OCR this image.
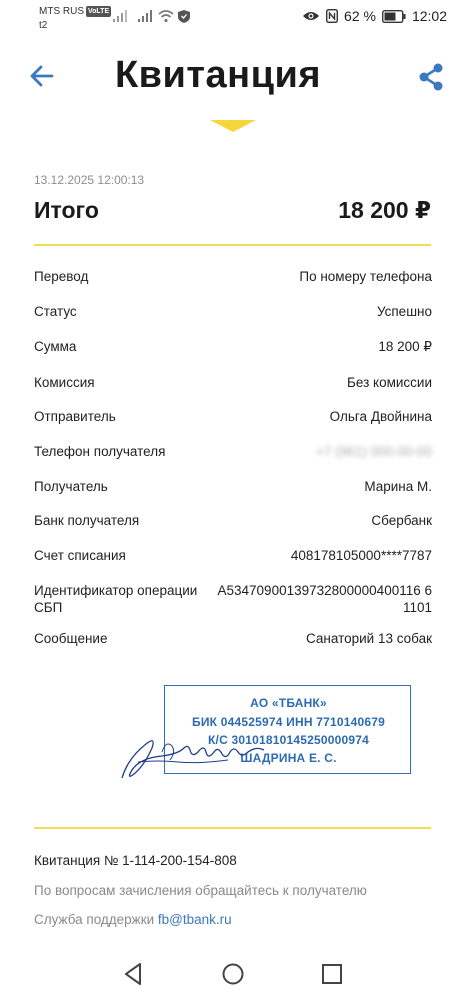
MTS RUS VoLTE
t2
62 %	12:02
Квитанция
13.12.2025 12:00:13
Итого	18 200 ₽
Перевод	По номеру телефона
Статус	Успешно
Сумма	18 200 ₽
Комиссия	Без комиссии
Отправитель	Ольга Двойнина
Телефон получателя	+7 (961) 000-00-00
Получатель	Марина М.
Банк получателя	Сбербанк
Счет списания	408178105000****7787
Идентификатор операции СБП
A53470900139732800000400116 61101
Сообщение	Санаторий 13 собак
АО «ТБАНК»
БИК 044525974 ИНН 7710140679
К/С 30101810145250000974
ШАДРИНА Е. С.
Квитанция № 1-114-200-154-808
По вопросам зачисления обращайтесь к получателю
Служба поддержки fb@tbank.ru
